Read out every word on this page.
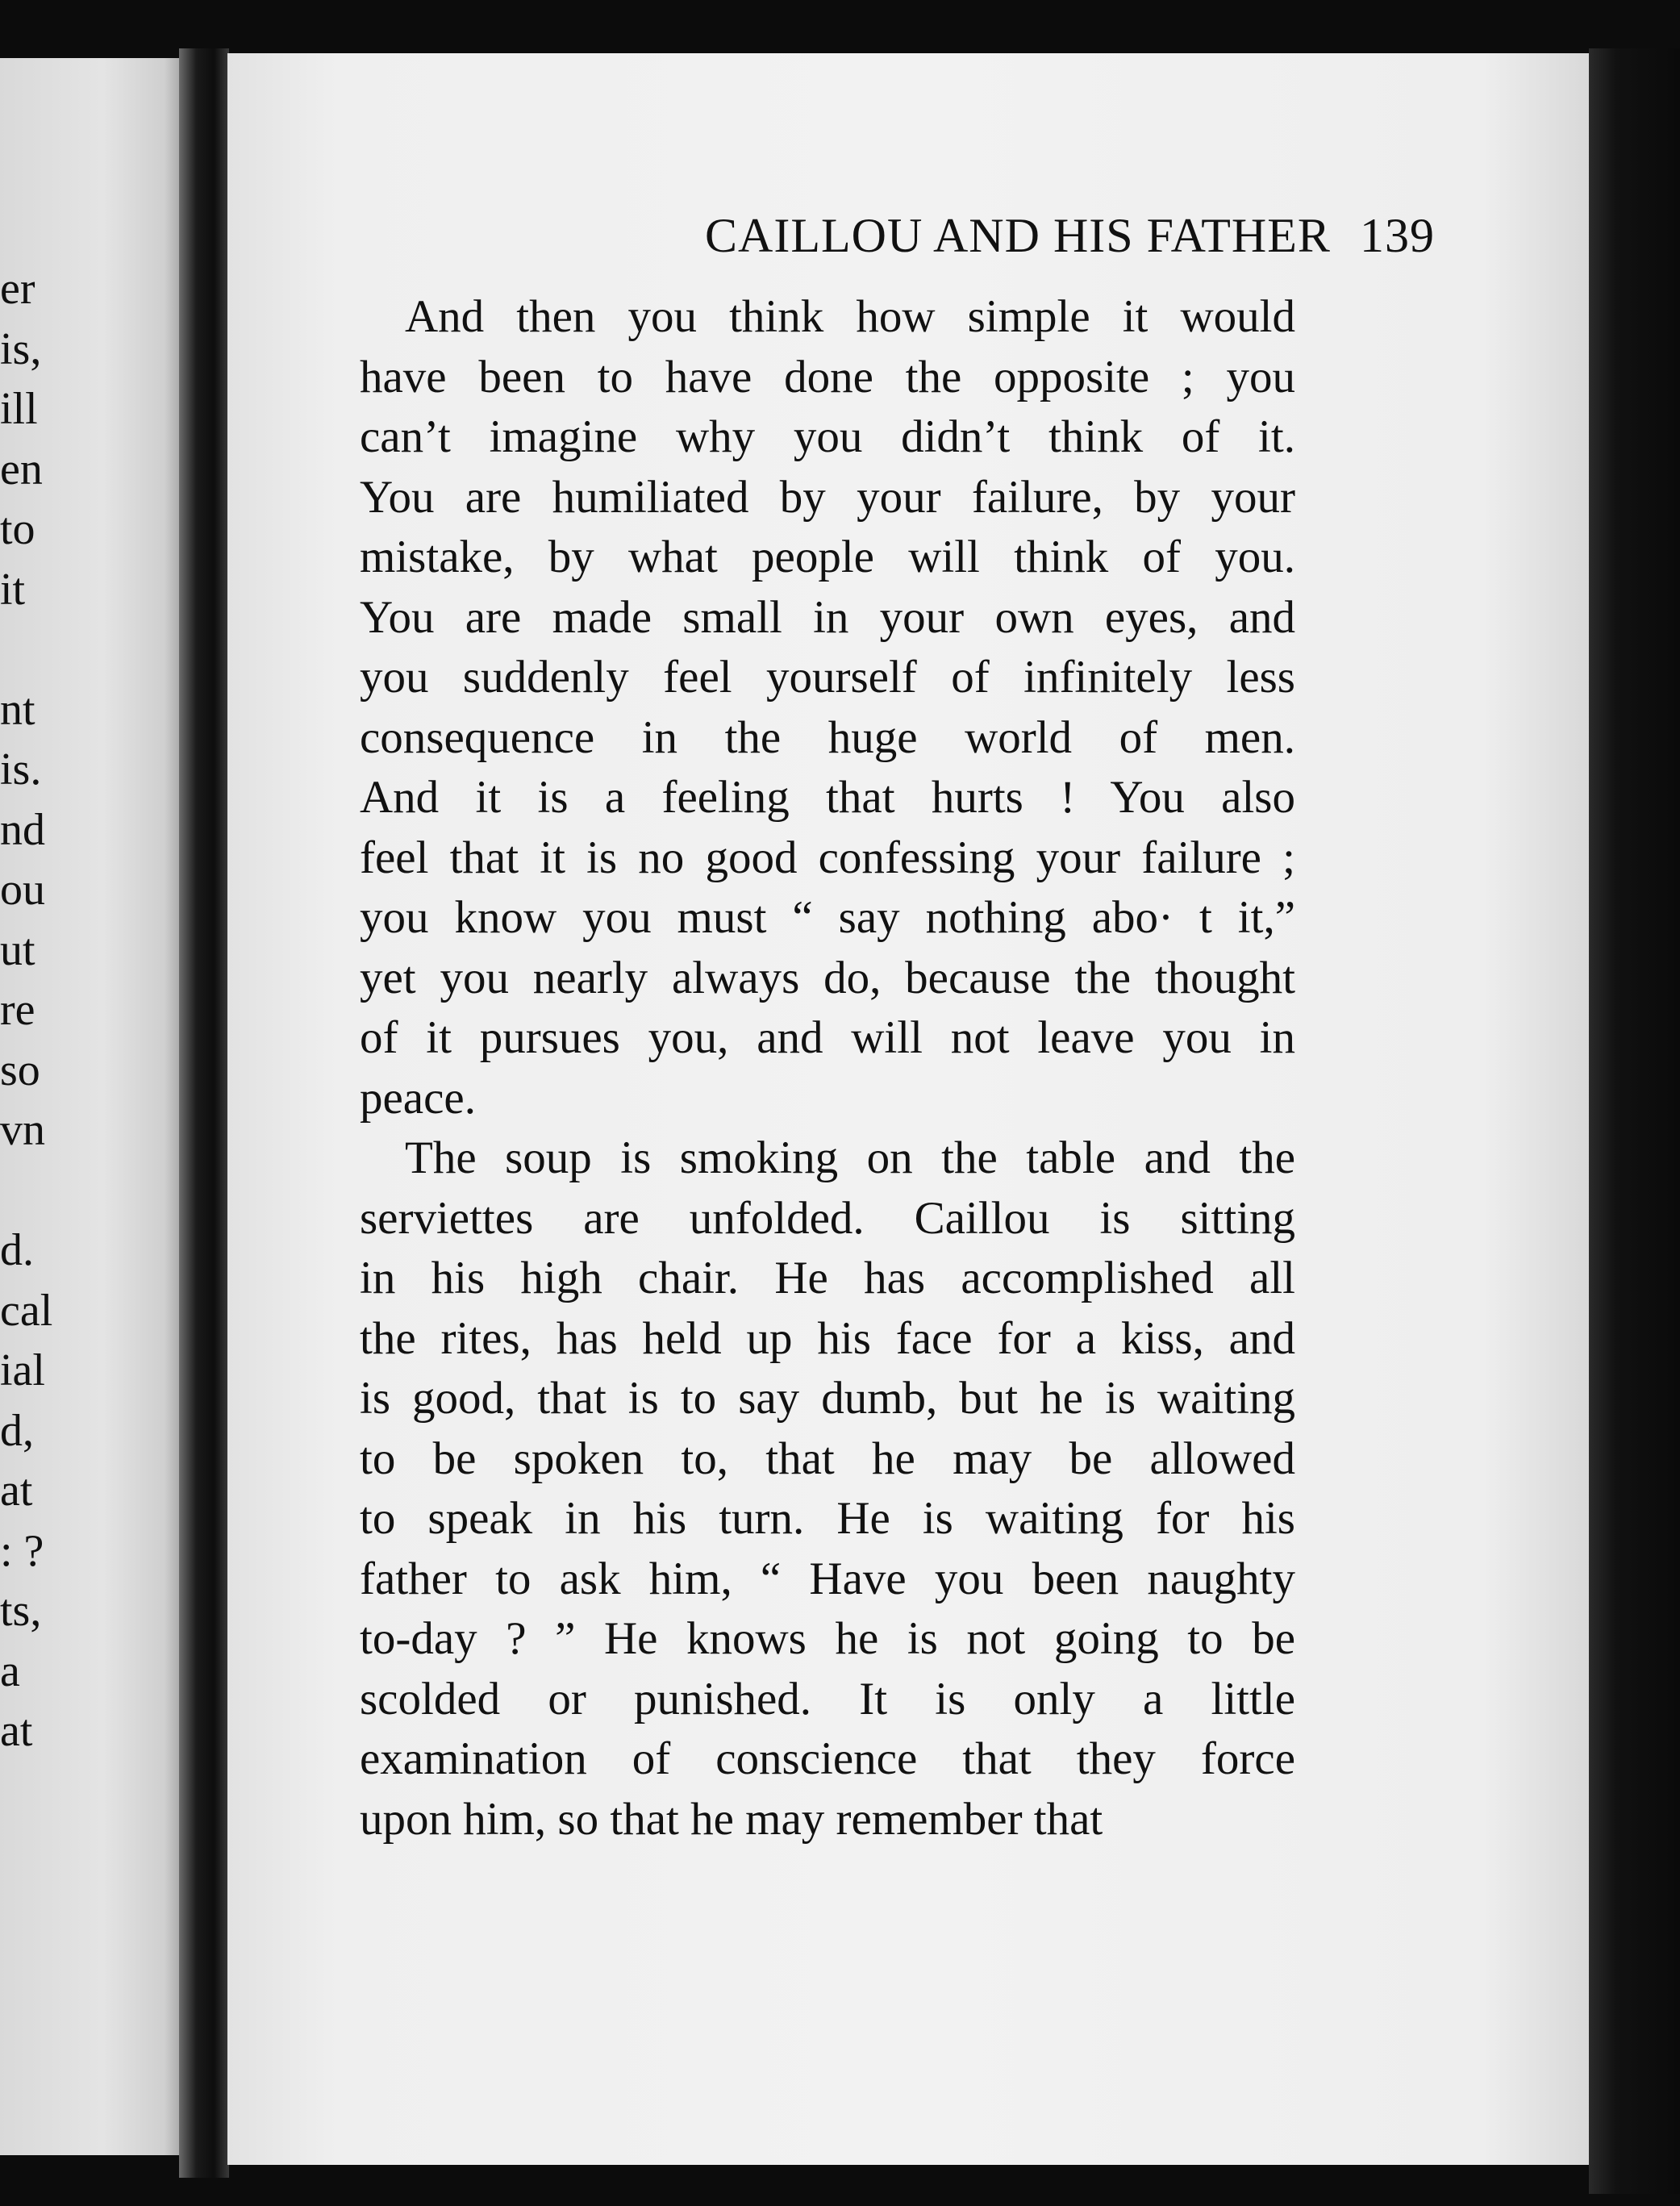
er
is,
ill
en
to
it
nt
is.
nd
ou
ut
re
so
vn
d.
cal
ial
d,
at
: ?
ts,
a
at
CAILLOU AND HIS FATHER 139
And then you think how simple it would
have been to have done the opposite ; you
can’t imagine why you didn’t think of it.
You are humiliated by your failure, by your
mistake, by what people will think of you.
You are made small in your own eyes, and
you suddenly feel yourself of infinitely less
consequence in the huge world of men.
And it is a feeling that hurts ! You also
feel that it is no good confessing your failure ;
you know you must “ say nothing abo· t it,”
yet you nearly always do, because the thought
of it pursues you, and will not leave you in
peace.
The soup is smoking on the table and the
serviettes are unfolded. Caillou is sitting
in his high chair. He has accomplished all
the rites, has held up his face for a kiss, and
is good, that is to say dumb, but he is waiting
to be spoken to, that he may be allowed
to speak in his turn. He is waiting for his
father to ask him, “ Have you been naughty
to-day ? ” He knows he is not going to be
scolded or punished. It is only a little
examination of conscience that they force
upon him, so that he may remember that
